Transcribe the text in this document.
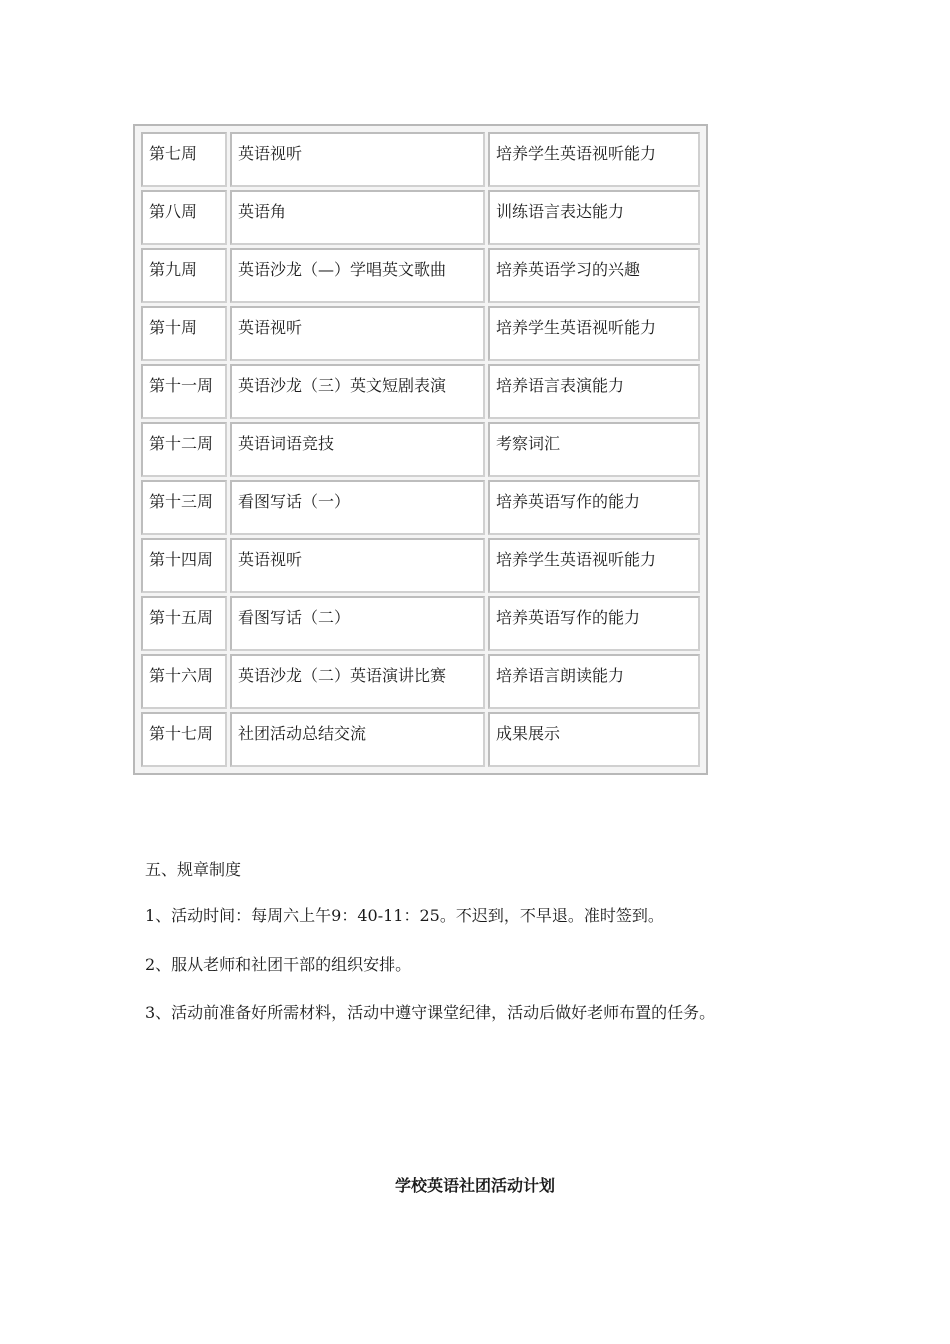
第七周	英语视听	培养学生英语视听能力
第八周	英语角	训练语言表达能力
第九周	英语沙龙（—）学唱英文歌曲	培养英语学习的兴趣
第十周	英语视听	培养学生英语视听能力
第十一周	英语沙龙（三）英文短剧表演	培养语言表演能力
第十二周	英语词语竞技	考察词汇
第十三周	看图写话（一）	培养英语写作的能力
第十四周	英语视听	培养学生英语视听能力
第十五周	看图写话（二）	培养英语写作的能力
第十六周	英语沙龙（二）英语演讲比赛	培养语言朗读能力
第十七周	社团活动总结交流	成果展示
五、规章制度
1、活动时间：每周六上午9：40-11：25。不迟到，不早退。准时签到。
2、服从老师和社团干部的组织安排。
3、活动前准备好所需材料，活动中遵守课堂纪律，活动后做好老师布置的任务。
学校英语社团活动计划
